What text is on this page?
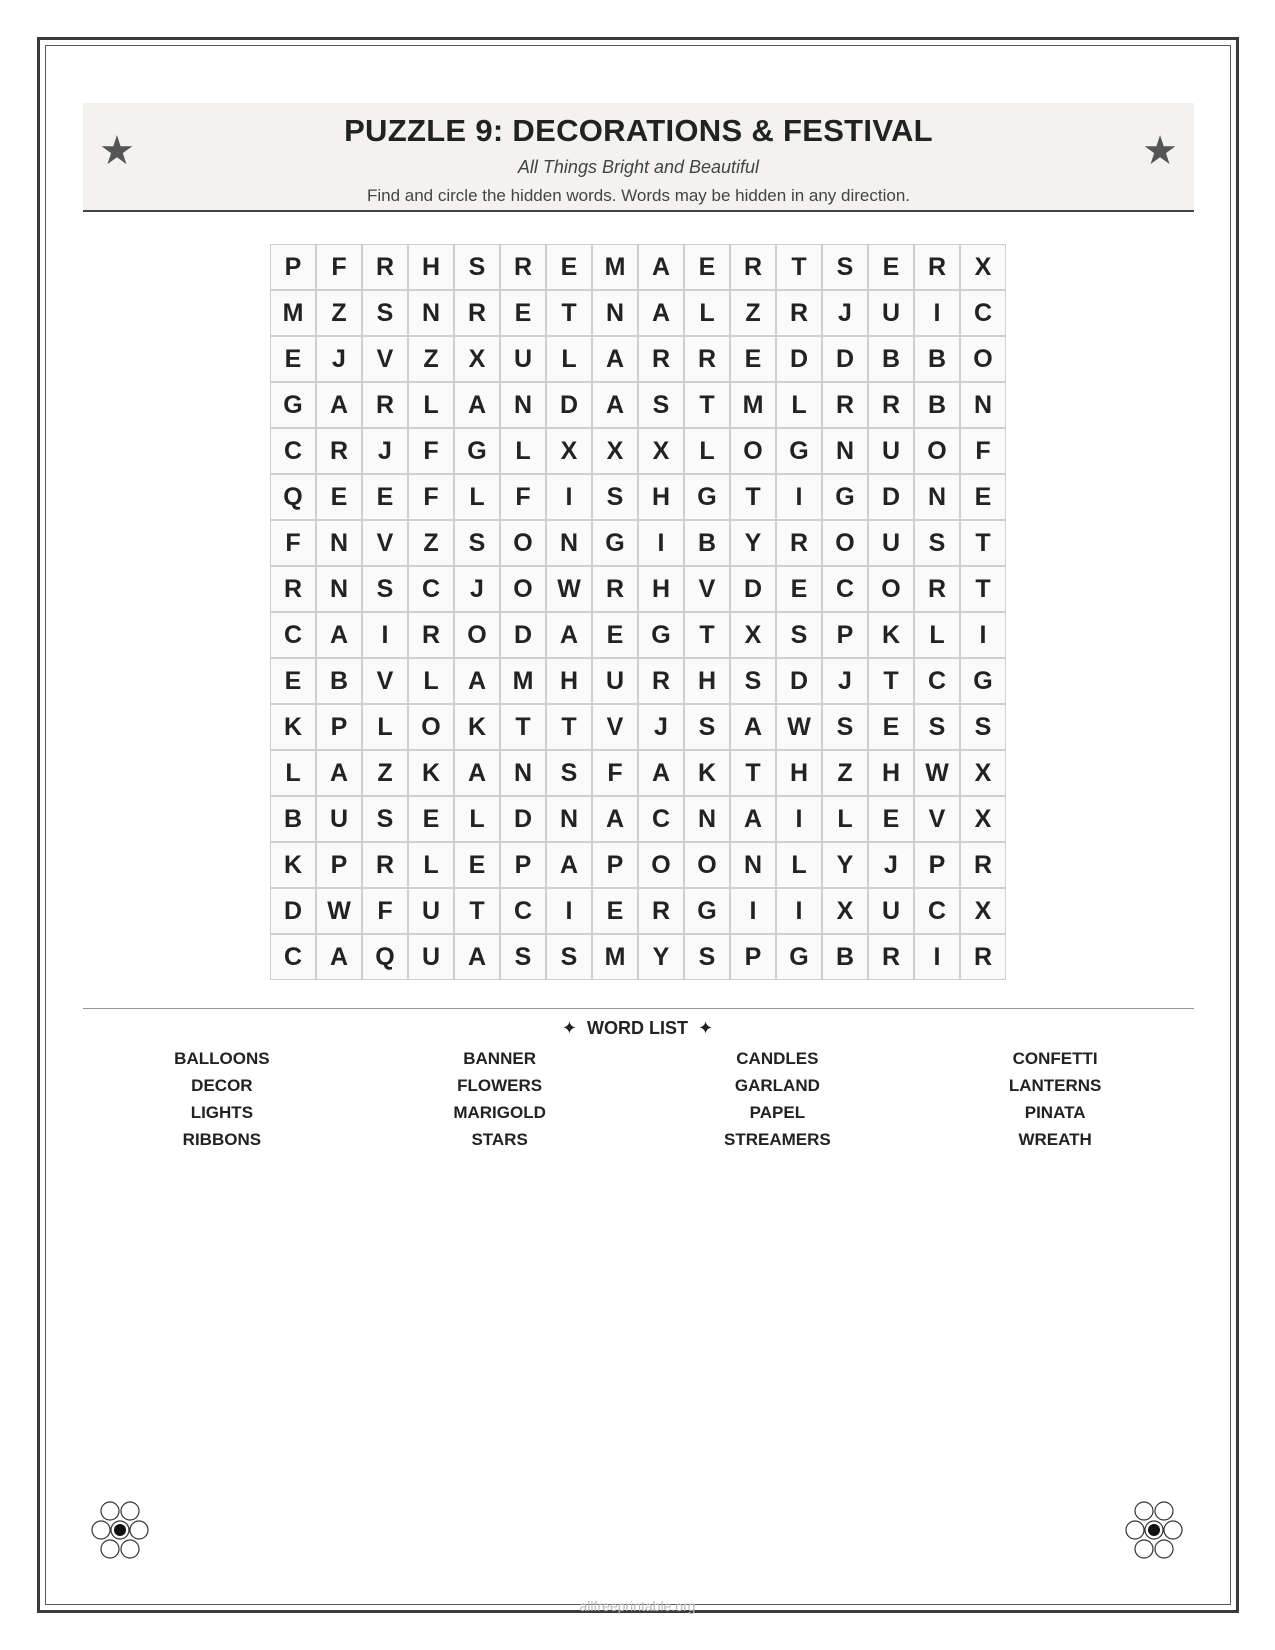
★	PUZZLE 9: DECORATIONS & FESTIVAL
All Things Bright and Beautiful
Find and circle the hidden words. Words may be hidden in any direction.
★
P	F	R	H	S	R	E	M	A	E	R	T	S	E	R	X
M	Z	S	N	R	E	T	N	A	L	Z	R	J	U	I	C
E	J	V	Z	X	U	L	A	R	R	E	D	D	B	B	O
G	A	R	L	A	N	D	A	S	T	M	L	R	R	B	N
C	R	J	F	G	L	X	X	X	L	O	G	N	U	O	F
Q	E	E	F	L	F	I	S	H	G	T	I	G	D	N	E
F	N	V	Z	S	O	N	G	I	B	Y	R	O	U	S	T
R	N	S	C	J	O W	R	H	V	D	E	C	O	R	T
C	A	I	R	O	D	A	E	G	T	X	S	P	K	L	I
E	B	V	L	A	M	H	U	R	H	S	D	J	T	C	G
K	P	L	O	K	T	T	V	J	S	A	W	S	E	S	S
L	A	Z	K	A	N	S	F	A	K	T	H	Z	H	W	X
B	U	S	E	L	D	N	A	C	N	A	I	L	E	V	X
K	P	R	L	E	P	A	P	O	O	N	L	Y	J	P	R
D	W	F	U	T	C	I	E	R	G	I	I	X	U	C	X
C	A	Q	U	A	S	S	M	Y	S	P	G	B	R	I	R
✦ WORD LIST ✦
BALLOONS	BANNER	CANDLES	CONFETTI
DECOR	FLOWERS	GARLAND	LANTERNS
LIGHTS	MARIGOLD	PAPEL	PINATA
RIBBONS	STARS	STREAMERS	WREATH
allfreeprintable.org
